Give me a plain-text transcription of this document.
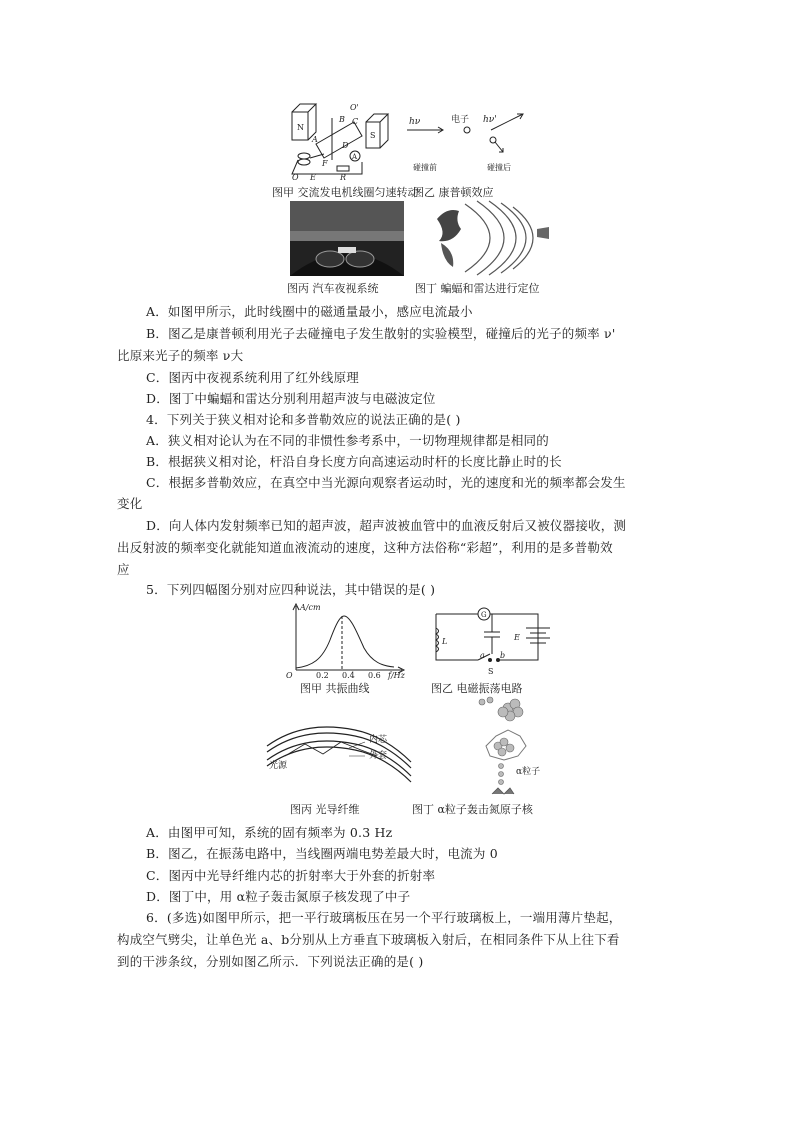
N
S
B C
O'
A
D
F
O E	R
A
hν	电子 hν'
碰撞前	碰撞后
图甲 交流发电机线圈匀速转动
图乙 康普顿效应
图丙 汽车夜视系统	图丁 蝙蝠和雷达进行定位
A．如图甲所示，此时线圈中的磁通量最小，感应电流最小
B．图乙是康普顿利用光子去碰撞电子发生散射的实验模型，碰撞后的光子的频率 ν'
比原来光子的频率 ν大
C．图丙中夜视系统利用了红外线原理
D．图丁中蝙蝠和雷达分别利用超声波与电磁波定位
4．下列关于狭义相对论和多普勒效应的说法正确的是( )
A．狭义相对论认为在不同的非惯性参考系中，一切物理规律都是相同的
B．根据狭义相对论，杆沿自身长度方向高速运动时杆的长度比静止时的长
C．根据多普勒效应，在真空中当光源向观察者运动时，光的速度和光的频率都会发生
变化
D．向人体内发射频率已知的超声波，超声波被血管中的血液反射后又被仪器接收，测
出反射波的频率变化就能知道血液流动的速度，这种方法俗称“彩超”，利用的是多普勒效
应
5．下列四幅图分别对应四种说法，其中错误的是( )
A/cm
O	0.2 0.4 0.6 f/Hz
图甲 共振曲线
G
L	E
a b
S
图乙 电磁振荡电路
光源
内芯
外套
图丙 光导纤维
α粒子
图丁 α粒子轰击氮原子核
A．由图甲可知，系统的固有频率为 0.3 Hz
B．图乙，在振荡电路中，当线圈两端电势差最大时，电流为 0
C．图丙中光导纤维内芯的折射率大于外套的折射率
D．图丁中，用 α粒子轰击氮原子核发现了中子
6．(多选)如图甲所示，把一平行玻璃板压在另一个平行玻璃板上，一端用薄片垫起，
构成空气劈尖，让单色光 a、b分别从上方垂直下玻璃板入射后，在相同条件下从上往下看
到的干涉条纹，分别如图乙所示．下列说法正确的是( )
